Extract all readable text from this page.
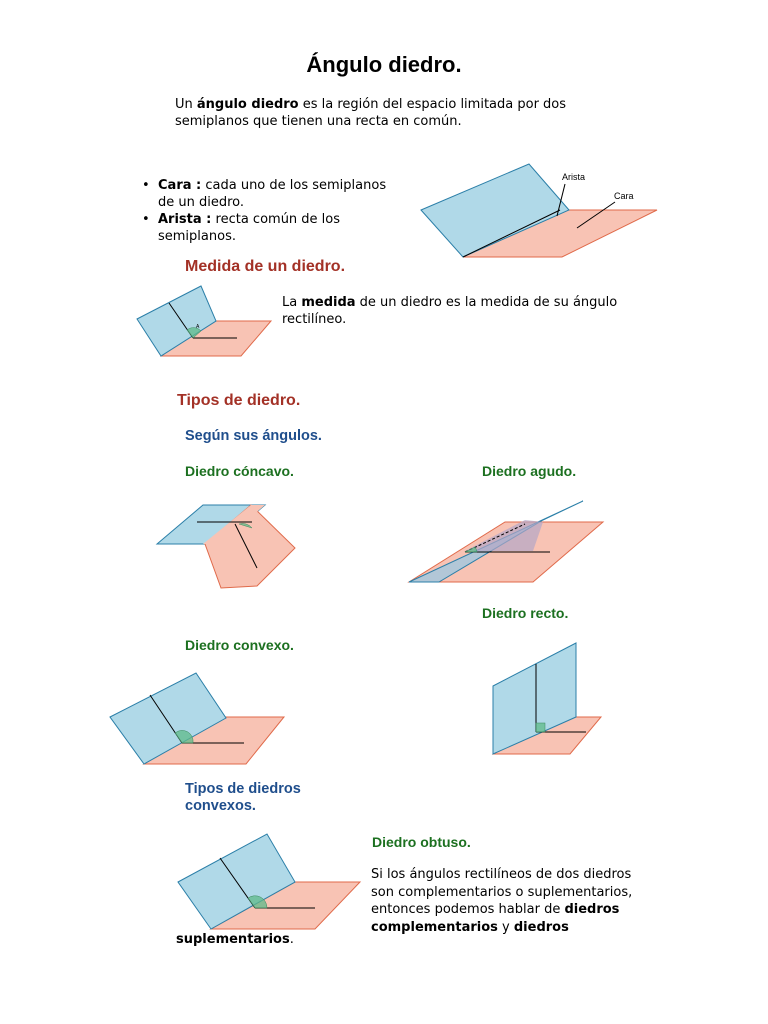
Ángulo diedro.
Un ángulo diedro es la región del espacio limitada por dos semiplanos que tienen una recta en común.
• Cara : cada uno de los semiplanos de un diedro.
• Arista : recta común de los semiplanos.
Arista
Cara
Medida de un diedro.
A
La medida de un diedro es la medida de su ángulo rectilíneo.
Tipos de diedro.
Según sus ángulos.
Diedro cóncavo.	Diedro agudo.
Diedro recto.
Diedro convexo.
Tipos de diedros convexos.
Diedro obtuso.
Si los ángulos rectilíneos de dos diedros son complementarios o suplementarios, entonces podemos hablar de diedros complementarios y diedros
suplementarios.
